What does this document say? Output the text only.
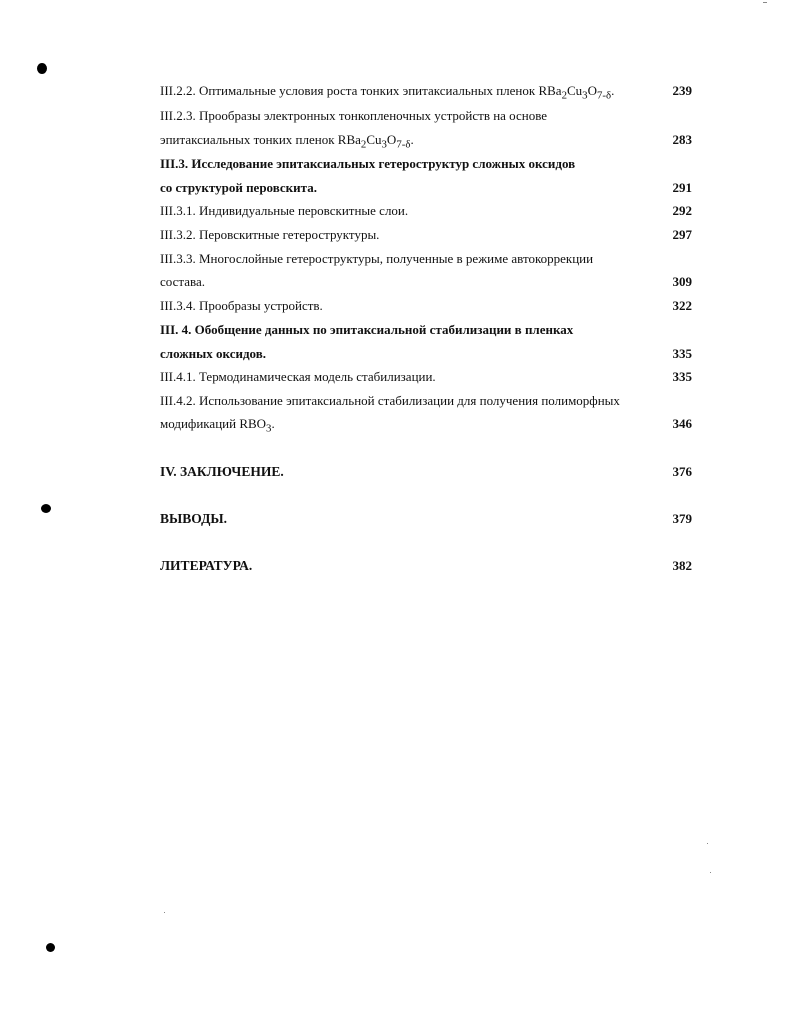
III.2.2. Оптимальные условия роста тонких эпитаксиальных пленок $RBa_2Cu_3O_{7-\delta}$.	239
III.2.3. Прообразы электронных тонкопленочных устройств на основе
эпитаксиальных тонких пленок $RBa_2Cu_3O_{7-\delta}$.	283
III.3. Исследование эпитаксиальных гетероструктур сложных оксидов
со структурой перовскита.	291
III.3.1. Индивидуальные перовскитные слои.	292
III.3.2. Перовскитные гетероструктуры.	297
III.3.3. Многослойные гетероструктуры, полученные в режиме автокоррекции
состава.	309
III.3.4. Прообразы устройств.	322
III. 4. Обобщение данных по эпитаксиальной стабилизации в пленках
сложных оксидов.	335
III.4.1. Термодинамическая модель стабилизации.	335
III.4.2. Использование эпитаксиальной стабилизации для получения полиморфных
модификаций $RBO_3$.	346
IV. ЗАКЛЮЧЕНИЕ.	376
ВЫВОДЫ.	379
ЛИТЕРАТУРА.	382
